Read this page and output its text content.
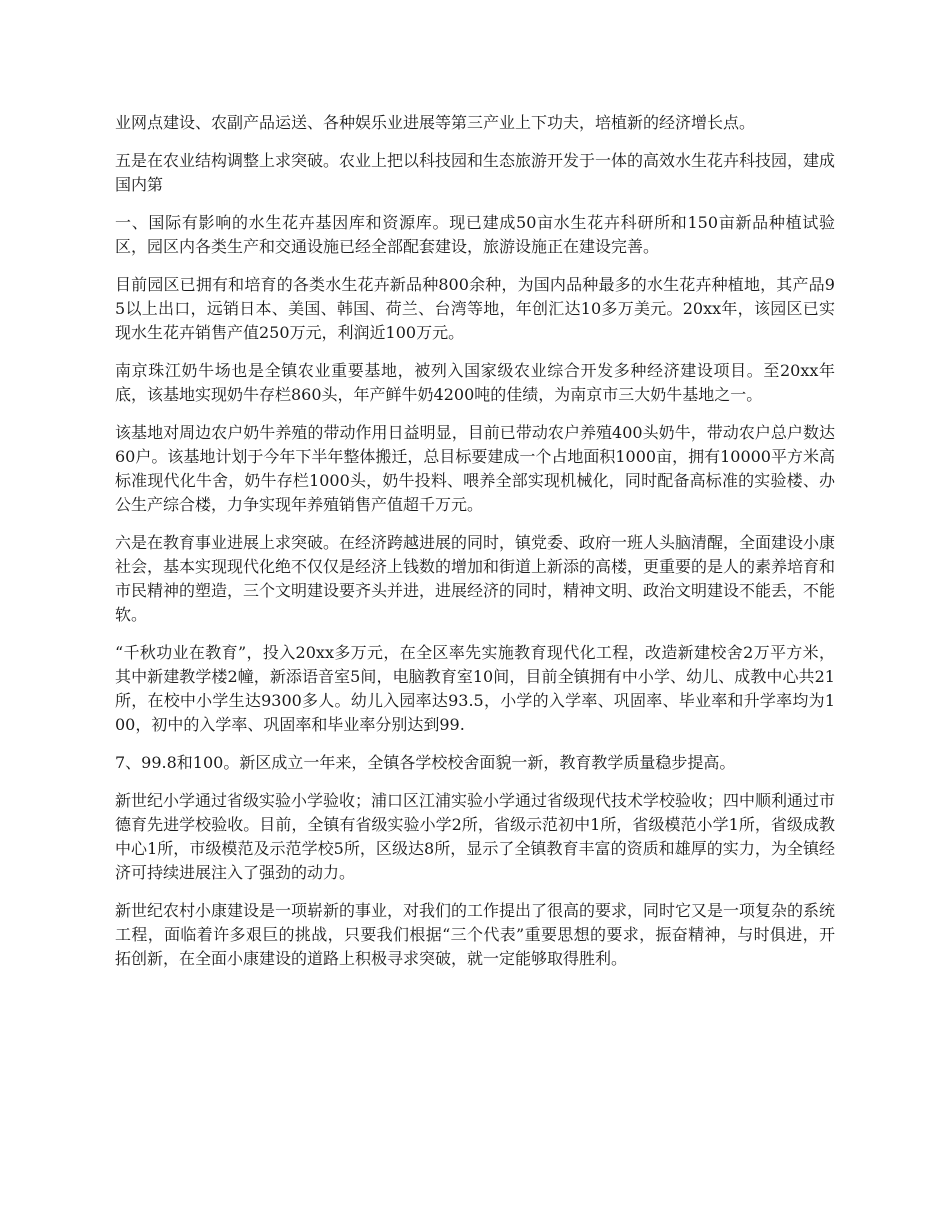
业网点建设、农副产品运送、各种娱乐业进展等第三产业上下功夫，培植新的经济增长点。

五是在农业结构调整上求突破。农业上把以科技园和生态旅游开发于一体的高效水生花卉科技园，建成国内第

一、国际有影响的水生花卉基因库和资源库。现已建成50亩水生花卉科研所和150亩新品种植试验区，园区内各类生产和交通设施已经全部配套建设，旅游设施正在建设完善。

目前园区已拥有和培育的各类水生花卉新品种800余种，为国内品种最多的水生花卉种植地，其产品95以上出口，远销日本、美国、韩国、荷兰、台湾等地，年创汇达10多万美元。20xx年，该园区已实现水生花卉销售产值250万元，利润近100万元。

南京珠江奶牛场也是全镇农业重要基地，被列入国家级农业综合开发多种经济建设项目。至20xx年底，该基地实现奶牛存栏860头，年产鲜牛奶4200吨的佳绩，为南京市三大奶牛基地之一。

该基地对周边农户奶牛养殖的带动作用日益明显，目前已带动农户养殖400头奶牛，带动农户总户数达60户。该基地计划于今年下半年整体搬迁，总目标要建成一个占地面积1000亩，拥有10000平方米高标准现代化牛舍，奶牛存栏1000头，奶牛投料、喂养全部实现机械化，同时配备高标准的实验楼、办公生产综合楼，力争实现年养殖销售产值超千万元。

六是在教育事业进展上求突破。在经济跨越进展的同时，镇党委、政府一班人头脑清醒，全面建设小康社会，基本实现现代化绝不仅仅是经济上钱数的增加和街道上新添的高楼，更重要的是人的素养培育和市民精神的塑造，三个文明建设要齐头并进，进展经济的同时，精神文明、政治文明建设不能丢，不能软。

“千秋功业在教育”，投入20xx多万元，在全区率先实施教育现代化工程，改造新建校舍2万平方米，其中新建教学楼2幢，新添语音室5间，电脑教育室10间，目前全镇拥有中小学、幼儿、成教中心共21所，在校中小学生达9300多人。幼儿入园率达93.5，小学的入学率、巩固率、毕业率和升学率均为100，初中的入学率、巩固率和毕业率分别达到99.

7、99.8和100。新区成立一年来，全镇各学校校舍面貌一新，教育教学质量稳步提高。

新世纪小学通过省级实验小学验收；浦口区江浦实验小学通过省级现代技术学校验收；四中顺利通过市德育先进学校验收。目前，全镇有省级实验小学2所，省级示范初中1所，省级模范小学1所，省级成教中心1所，市级模范及示范学校5所，区级达8所，显示了全镇教育丰富的资质和雄厚的实力，为全镇经济可持续进展注入了强劲的动力。

新世纪农村小康建设是一项崭新的事业，对我们的工作提出了很高的要求，同时它又是一项复杂的系统工程，面临着许多艰巨的挑战，只要我们根据“三个代表”重要思想的要求，振奋精神，与时俱进，开拓创新，在全面小康建设的道路上积极寻求突破，就一定能够取得胜利。
